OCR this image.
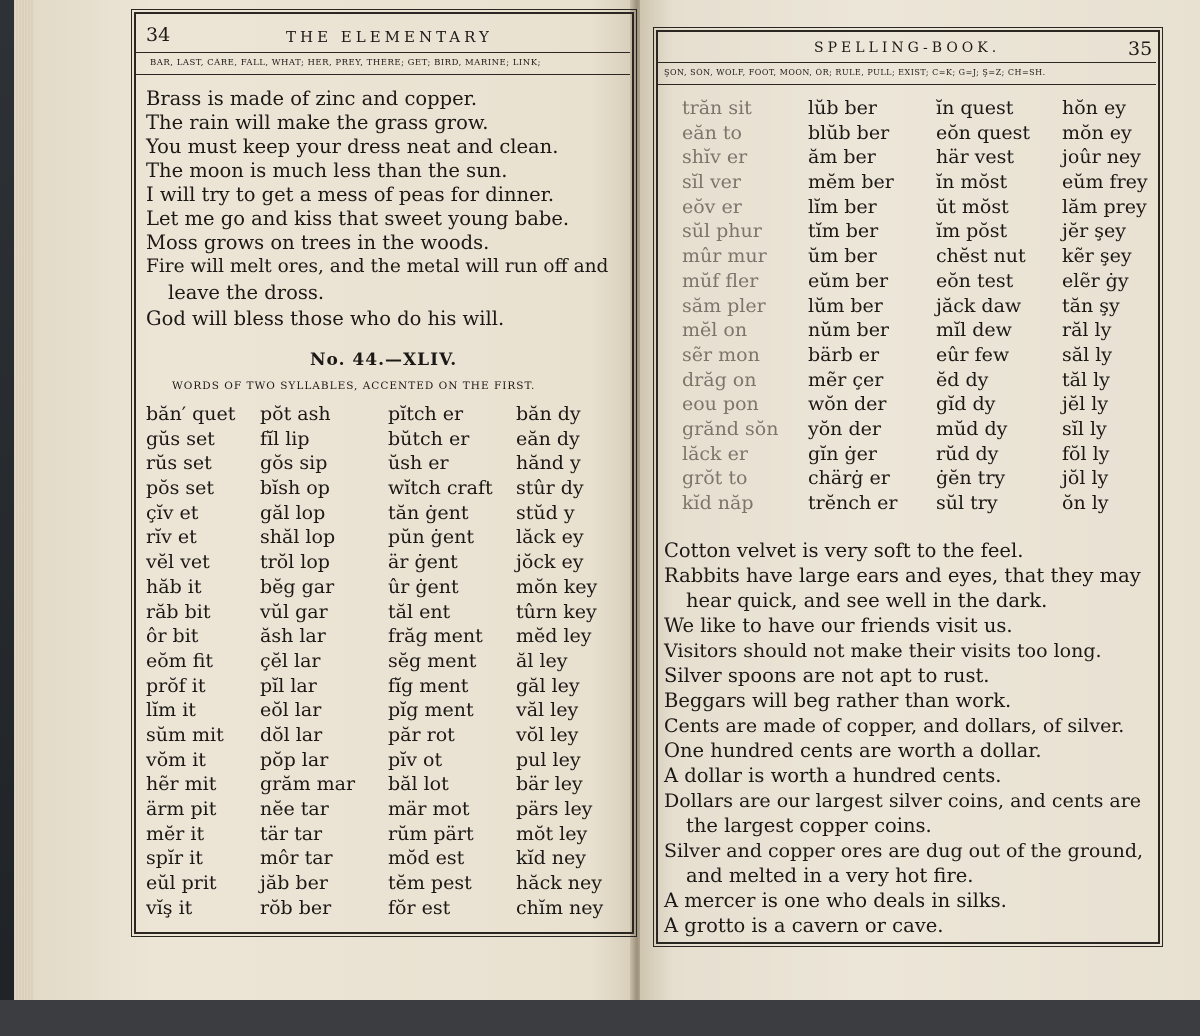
34	THE ELEMENTARY
BÄR, LȦST, CÂRE, FALL, WHAT; HẼR, PREY, THÊRE; ĠET; BÏRD, MARÏNE; LINK;
Brass is made of zinc and copper.
The rain will make the grass grow.
You must keep your dress neat and clean.
The moon is much less than the sun.
I will try to get a mess of peas for dinner.
Let me go and kiss that sweet young babe.
Moss grows on trees in the woods.
Fire will melt ores, and the metal will run off and
leave the dross.
God will bless those who do his will.
No. 44.—XLIV.
WORDS OF TWO SYLLABLES, ACCENTED ON THE FIRST.
băn′ quet
gŭs set
rŭs set
pŏs set
çĭv et
rĭv et
vĕl vet
hăb it
răb bit
ôr bit
eŏm fit
prŏf it
lĭm it
sŭm mit
vŏm it
hẽr mit
ärm pit
mĕr it
spĭr it
eŭl prit
vĭş it
pŏt ash
fĭl lip
gŏs sip
bĭsh op
găl lop
shăl lop
trŏl lop
bĕg gar
vŭl gar
ăsh lar
çĕl lar
pĭl lar
eŏl lar
dŏl lar
pŏp lar
grăm mar
nĕe tar
tär tar
môr tar
jăb ber
rŏb ber
pĭtch er
bŭtch er
ŭsh er
wĭtch craft
tăn ġent
pŭn ġent
är ġent
ûr ġent
tăl ent
frăg ment
sĕg ment
fĭg ment
pĭg ment
păr rot
pĭv ot
băl lot
mär mot
rŭm pärt
mŏd est
tĕm pest
fŏr est
băn dy
eăn dy
hănd y
stûr dy
stŭd y
lăck ey
jŏck ey
mŏn key
tûrn key
mĕd ley
ăl ley
găl ley
văl ley
vŏl ley
pul ley
bär ley
pärs ley
mŏt ley
kĭd ney
hăck ney
chĭm ney
SPELLING-BOOK.	35
ŞON, SÔN, WOLF, FOOT, MOON, ÔR; RULE, PULL; EXIST; C=K; Ġ=J; Ş=Z; CH=SH.
trăn sit
eăn to
shĭv er
sĭl ver
eŏv er
sŭl phur
mûr mur
mŭf fler
săm pler
mĕl on
sẽr mon
drăg on
eou pon
grănd sŏn
lăck er
grŏt to
kĭd năp
lŭb ber
blŭb ber
ăm ber
mĕm ber
lĭm ber
tĭm ber
ŭm ber
eŭm ber
lŭm ber
nŭm ber
bärb er
mẽr çer
wŏn der
yŏn der
gĭn ġer
chärġ er
trĕnch er
ĭn quest
eŏn quest
här vest
ĭn mŏst
ŭt mŏst
ĭm pŏst
chĕst nut
eŏn test
jăck daw
mĭl dew
eûr few
ĕd dy
gĭd dy
mŭd dy
rŭd dy
ġĕn try
sŭl try
hŏn ey
mŏn ey
joûr ney
eŭm frey
lăm prey
jĕr şey
kẽr şey
elẽr ġy
tăn şy
răl ly
săl ly
tăl ly
jĕl ly
sĭl ly
fŏl ly
jŏl ly
ŏn ly
Cotton velvet is very soft to the feel.
Rabbits have large ears and eyes, that they may
hear quick, and see well in the dark.
We like to have our friends visit us.
Visitors should not make their visits too long.
Silver spoons are not apt to rust.
Beggars will beg rather than work.
Cents are made of copper, and dollars, of silver.
One hundred cents are worth a dollar.
A dollar is worth a hundred cents.
Dollars are our largest silver coins, and cents are
the largest copper coins.
Silver and copper ores are dug out of the ground,
and melted in a very hot fire.
A mercer is one who deals in silks.
A grotto is a cavern or cave.
